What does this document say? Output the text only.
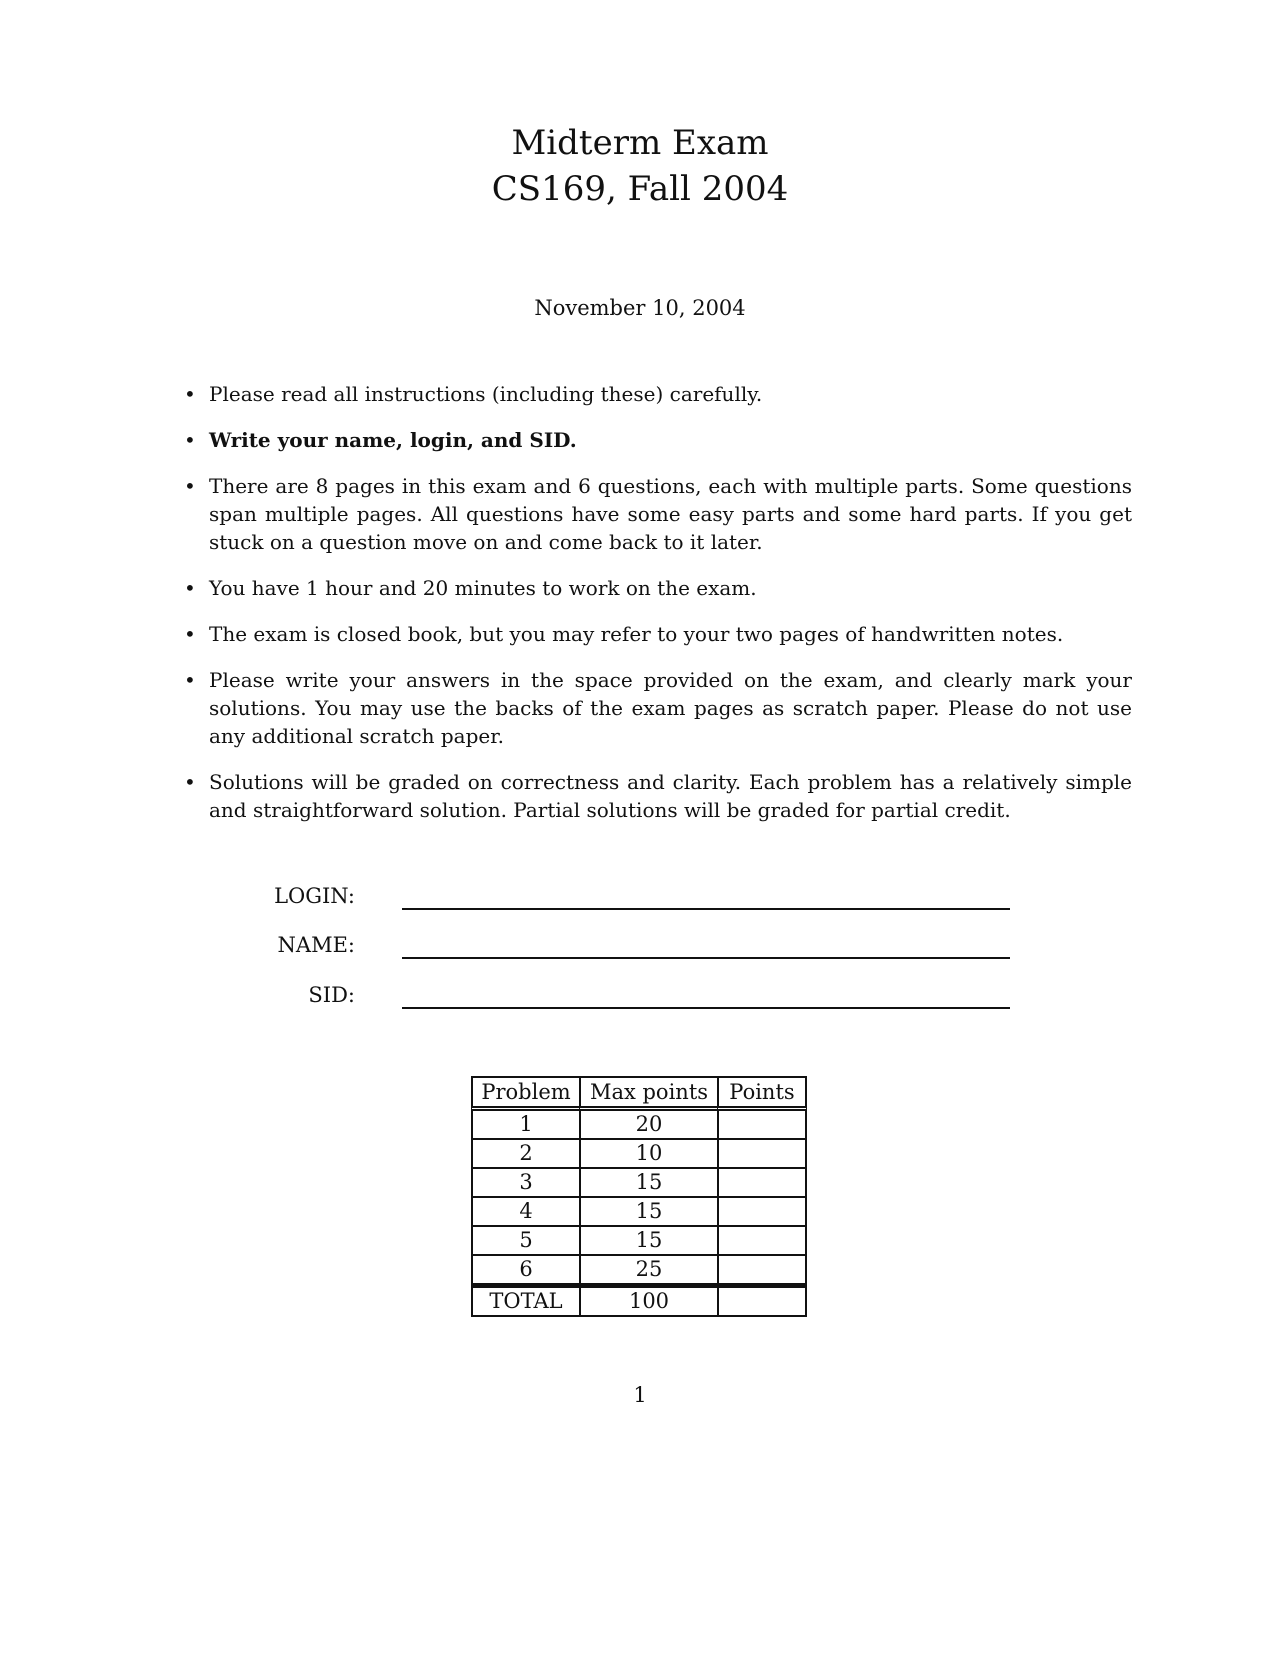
Midterm Exam
CS169, Fall 2004
November 10, 2004
• Please read all instructions (including these) carefully.
• Write your name, login, and SID.
• There are 8 pages in this exam and 6 questions, each with multiple parts. Some questions span multiple pages. All questions have some easy parts and some hard parts. If you get stuck on a question move on and come back to it later.
• You have 1 hour and 20 minutes to work on the exam.
• The exam is closed book, but you may refer to your two pages of handwritten notes.
• Please write your answers in the space provided on the exam, and clearly mark your solutions. You may use the backs of the exam pages as scratch paper. Please do not use any additional scratch paper.
• Solutions will be graded on correctness and clarity. Each problem has a relatively simple and straightforward solution. Partial solutions will be graded for partial credit.
LOGIN:
NAME:
SID:
Problem	Max points	Points
1	20	
2	10	
3	15	
4	15	
5	15	
6	25	
TOTAL	100	
1
